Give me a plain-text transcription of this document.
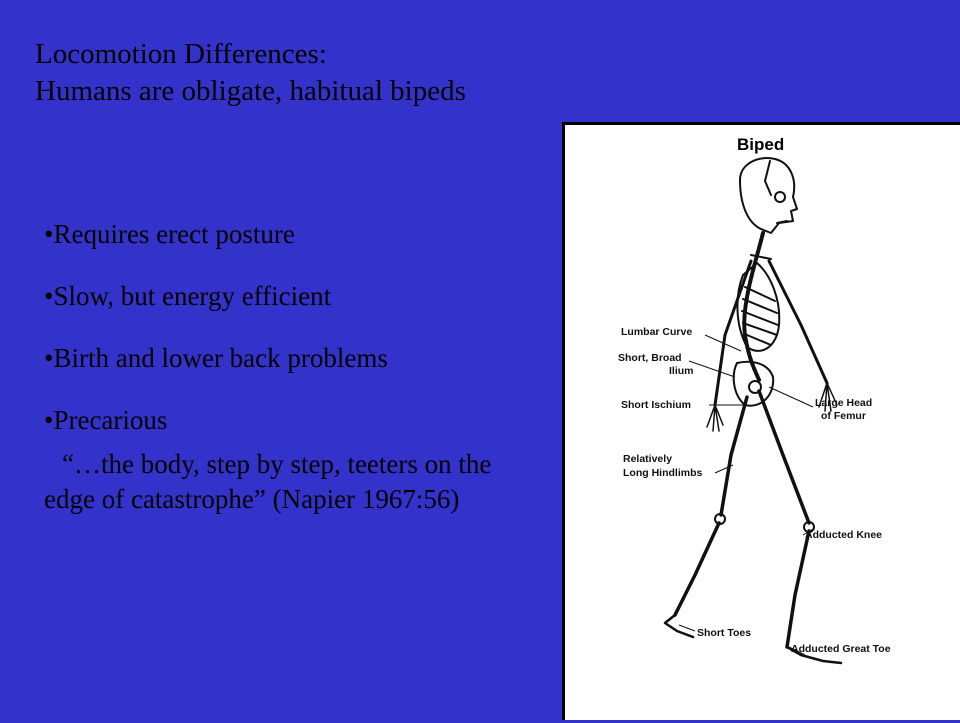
Locomotion Differences:
Humans are obligate, habitual bipeds
•Requires erect posture
•Slow, but energy efficient
•Birth and lower back problems
•Precarious
“…the body, step by step, teeters on the edge of catastrophe” (Napier 1967:56)
Biped
Lumbar Curve
Short, Broad
Ilium
Short Ischium
Relatively
Long Hindlimbs
Large Head
of Femur
Adducted Knee
Short Toes
Adducted Great Toe
